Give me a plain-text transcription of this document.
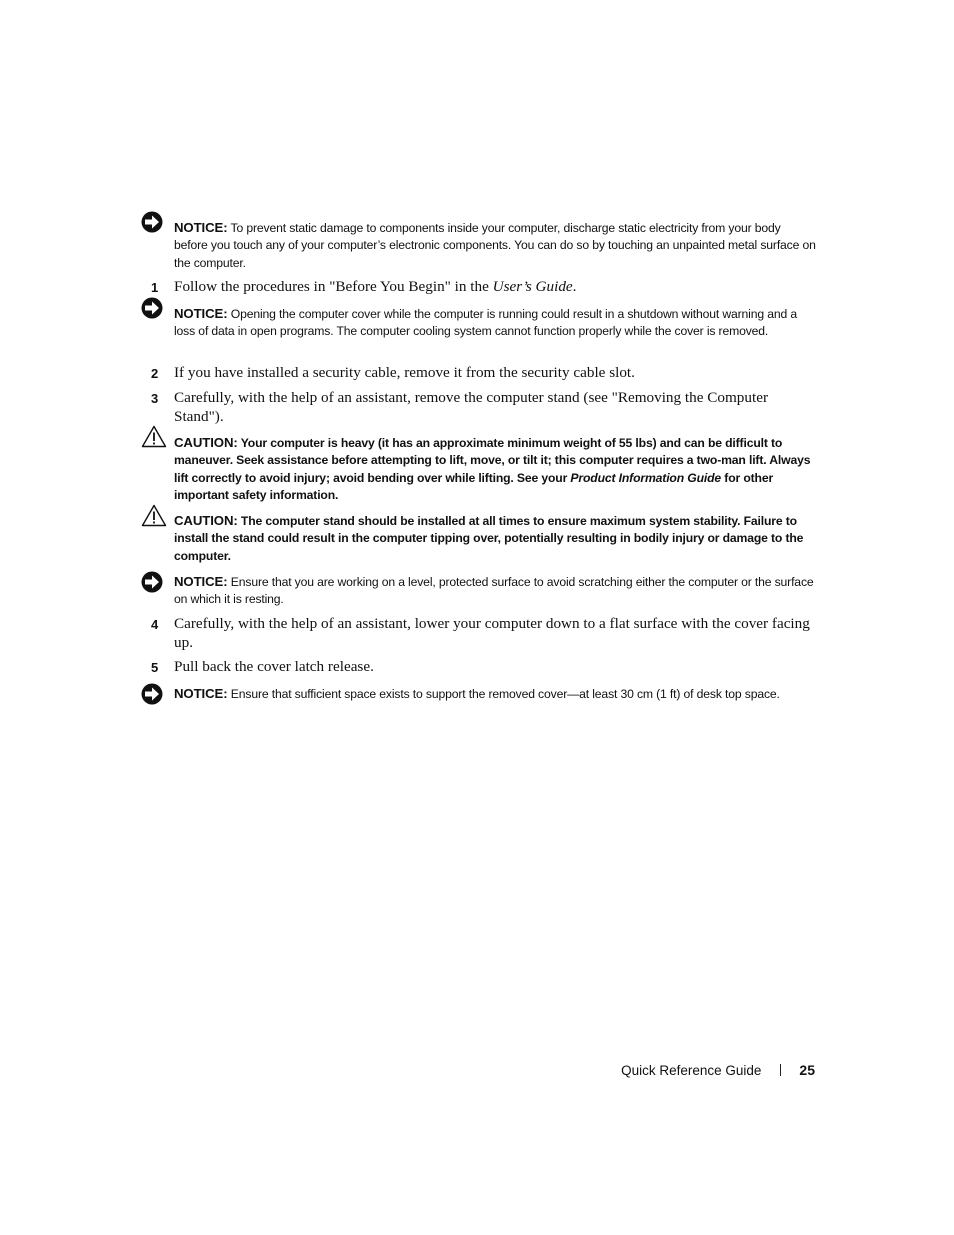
NOTICE: To prevent static damage to components inside your computer, discharge static electricity from your body before you touch any of your computer’s electronic components. You can do so by touching an unpainted metal surface on the computer.
1 Follow the procedures in "Before You Begin" in the User’s Guide.
NOTICE: Opening the computer cover while the computer is running could result in a shutdown without warning and a loss of data in open programs. The computer cooling system cannot function properly while the cover is removed.
2 If you have installed a security cable, remove it from the security cable slot.
3 Carefully, with the help of an assistant, remove the computer stand (see "Removing the Computer Stand").
CAUTION: Your computer is heavy (it has an approximate minimum weight of 55 lbs) and can be difficult to maneuver. Seek assistance before attempting to lift, move, or tilt it; this computer requires a two-man lift. Always lift correctly to avoid injury; avoid bending over while lifting. See your Product Information Guide for other important safety information.
CAUTION: The computer stand should be installed at all times to ensure maximum system stability. Failure to install the stand could result in the computer tipping over, potentially resulting in bodily injury or damage to the computer.
NOTICE: Ensure that you are working on a level, protected surface to avoid scratching either the computer or the surface on which it is resting.
4 Carefully, with the help of an assistant, lower your computer down to a flat surface with the cover facing up.
5 Pull back the cover latch release.
NOTICE: Ensure that sufficient space exists to support the removed cover—at least 30 cm (1 ft) of desk top space.
Quick Reference Guide	25
